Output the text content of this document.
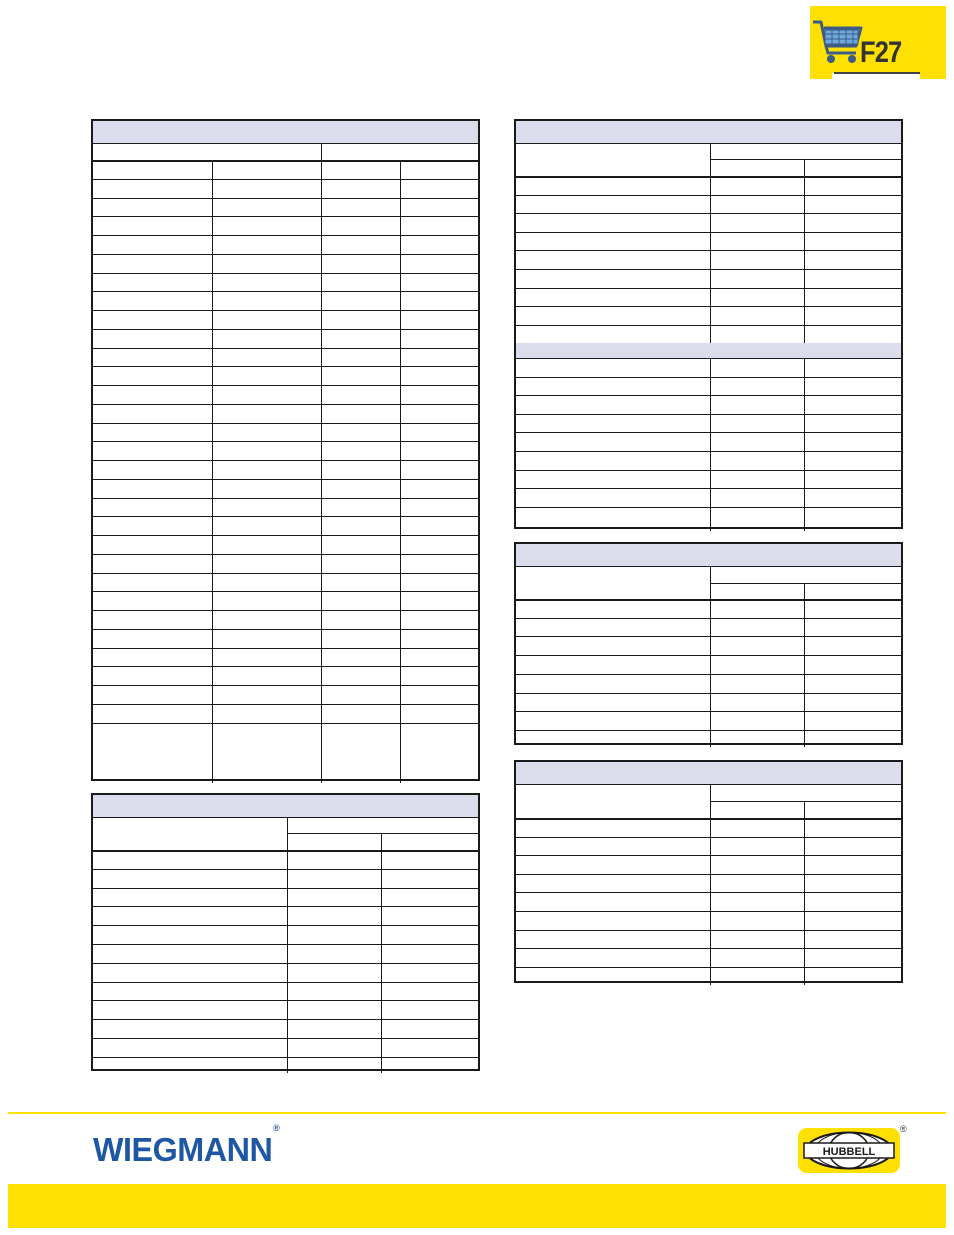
F27
WIEGMANN®
HUBBELL
®
